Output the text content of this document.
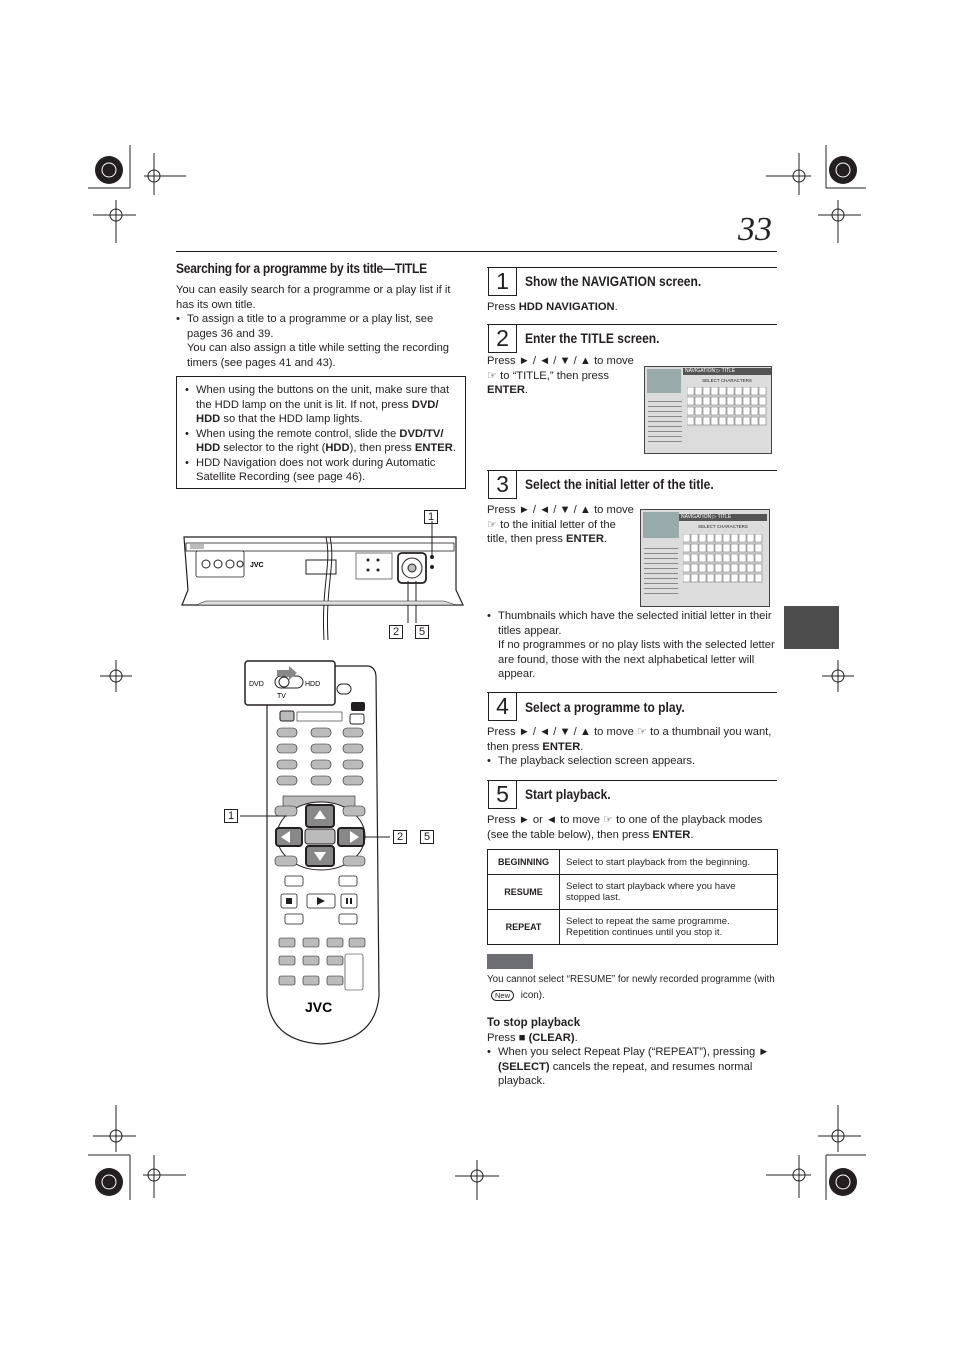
33
Searching for a programme by its title—TITLE
You can easily search for a programme or a play list if it has its own title.
• To assign a title to a programme or a play list, see pages 36 and 39.
You can also assign a title while setting the recording timers (see pages 41 and 43).
• When using the buttons on the unit, make sure that the HDD lamp on the unit is lit. If not, press DVD/ HDD so that the HDD lamp lights.
• When using the remote control, slide the DVD/TV/ HDD selector to the right (HDD), then press ENTER.
• HDD Navigation does not work during Automatic Satellite Recording (see page 46).
JVC
1
2	5
DVD	HDD
TV
JVC
1
2	5
1	Show the NAVIGATION screen.
Press HDD NAVIGATION.
2	Enter the TITLE screen.
Press ► / ◄ / ▼ / ▲ to move
☞ to “TITLE,” then press
ENTER.
NAVIGATION ▷ TITLE
SELECT CHARACTERS
3	Select the initial letter of the title.
Press ► / ◄ / ▼ / ▲ to move
☞ to the initial letter of the
title, then press ENTER.
NAVIGATION ▷ TITLE
SELECT CHARACTERS
• Thumbnails which have the selected initial letter in their titles appear.
If no programmes or no play lists with the selected letter are found, those with the next alphabetical letter will appear.
4	Select a programme to play.
Press ► / ◄ / ▼ / ▲ to move ☞ to a thumbnail you want,
then press ENTER.
• The playback selection screen appears.
5	Start playback.
Press ► or ◄ to move ☞ to one of the playback modes
(see the table below), then press ENTER.
BEGINNING	Select to start playback from the beginning.
RESUME	Select to start playback where you have stopped last.
REPEAT	Select to repeat the same programme. Repetition continues until you stop it.
You cannot select “RESUME” for newly recorded programme (with New icon).
To stop playback
Press ■ (CLEAR).
• When you select Repeat Play (“REPEAT”), pressing ►
(SELECT) cancels the repeat, and resumes normal playback.
